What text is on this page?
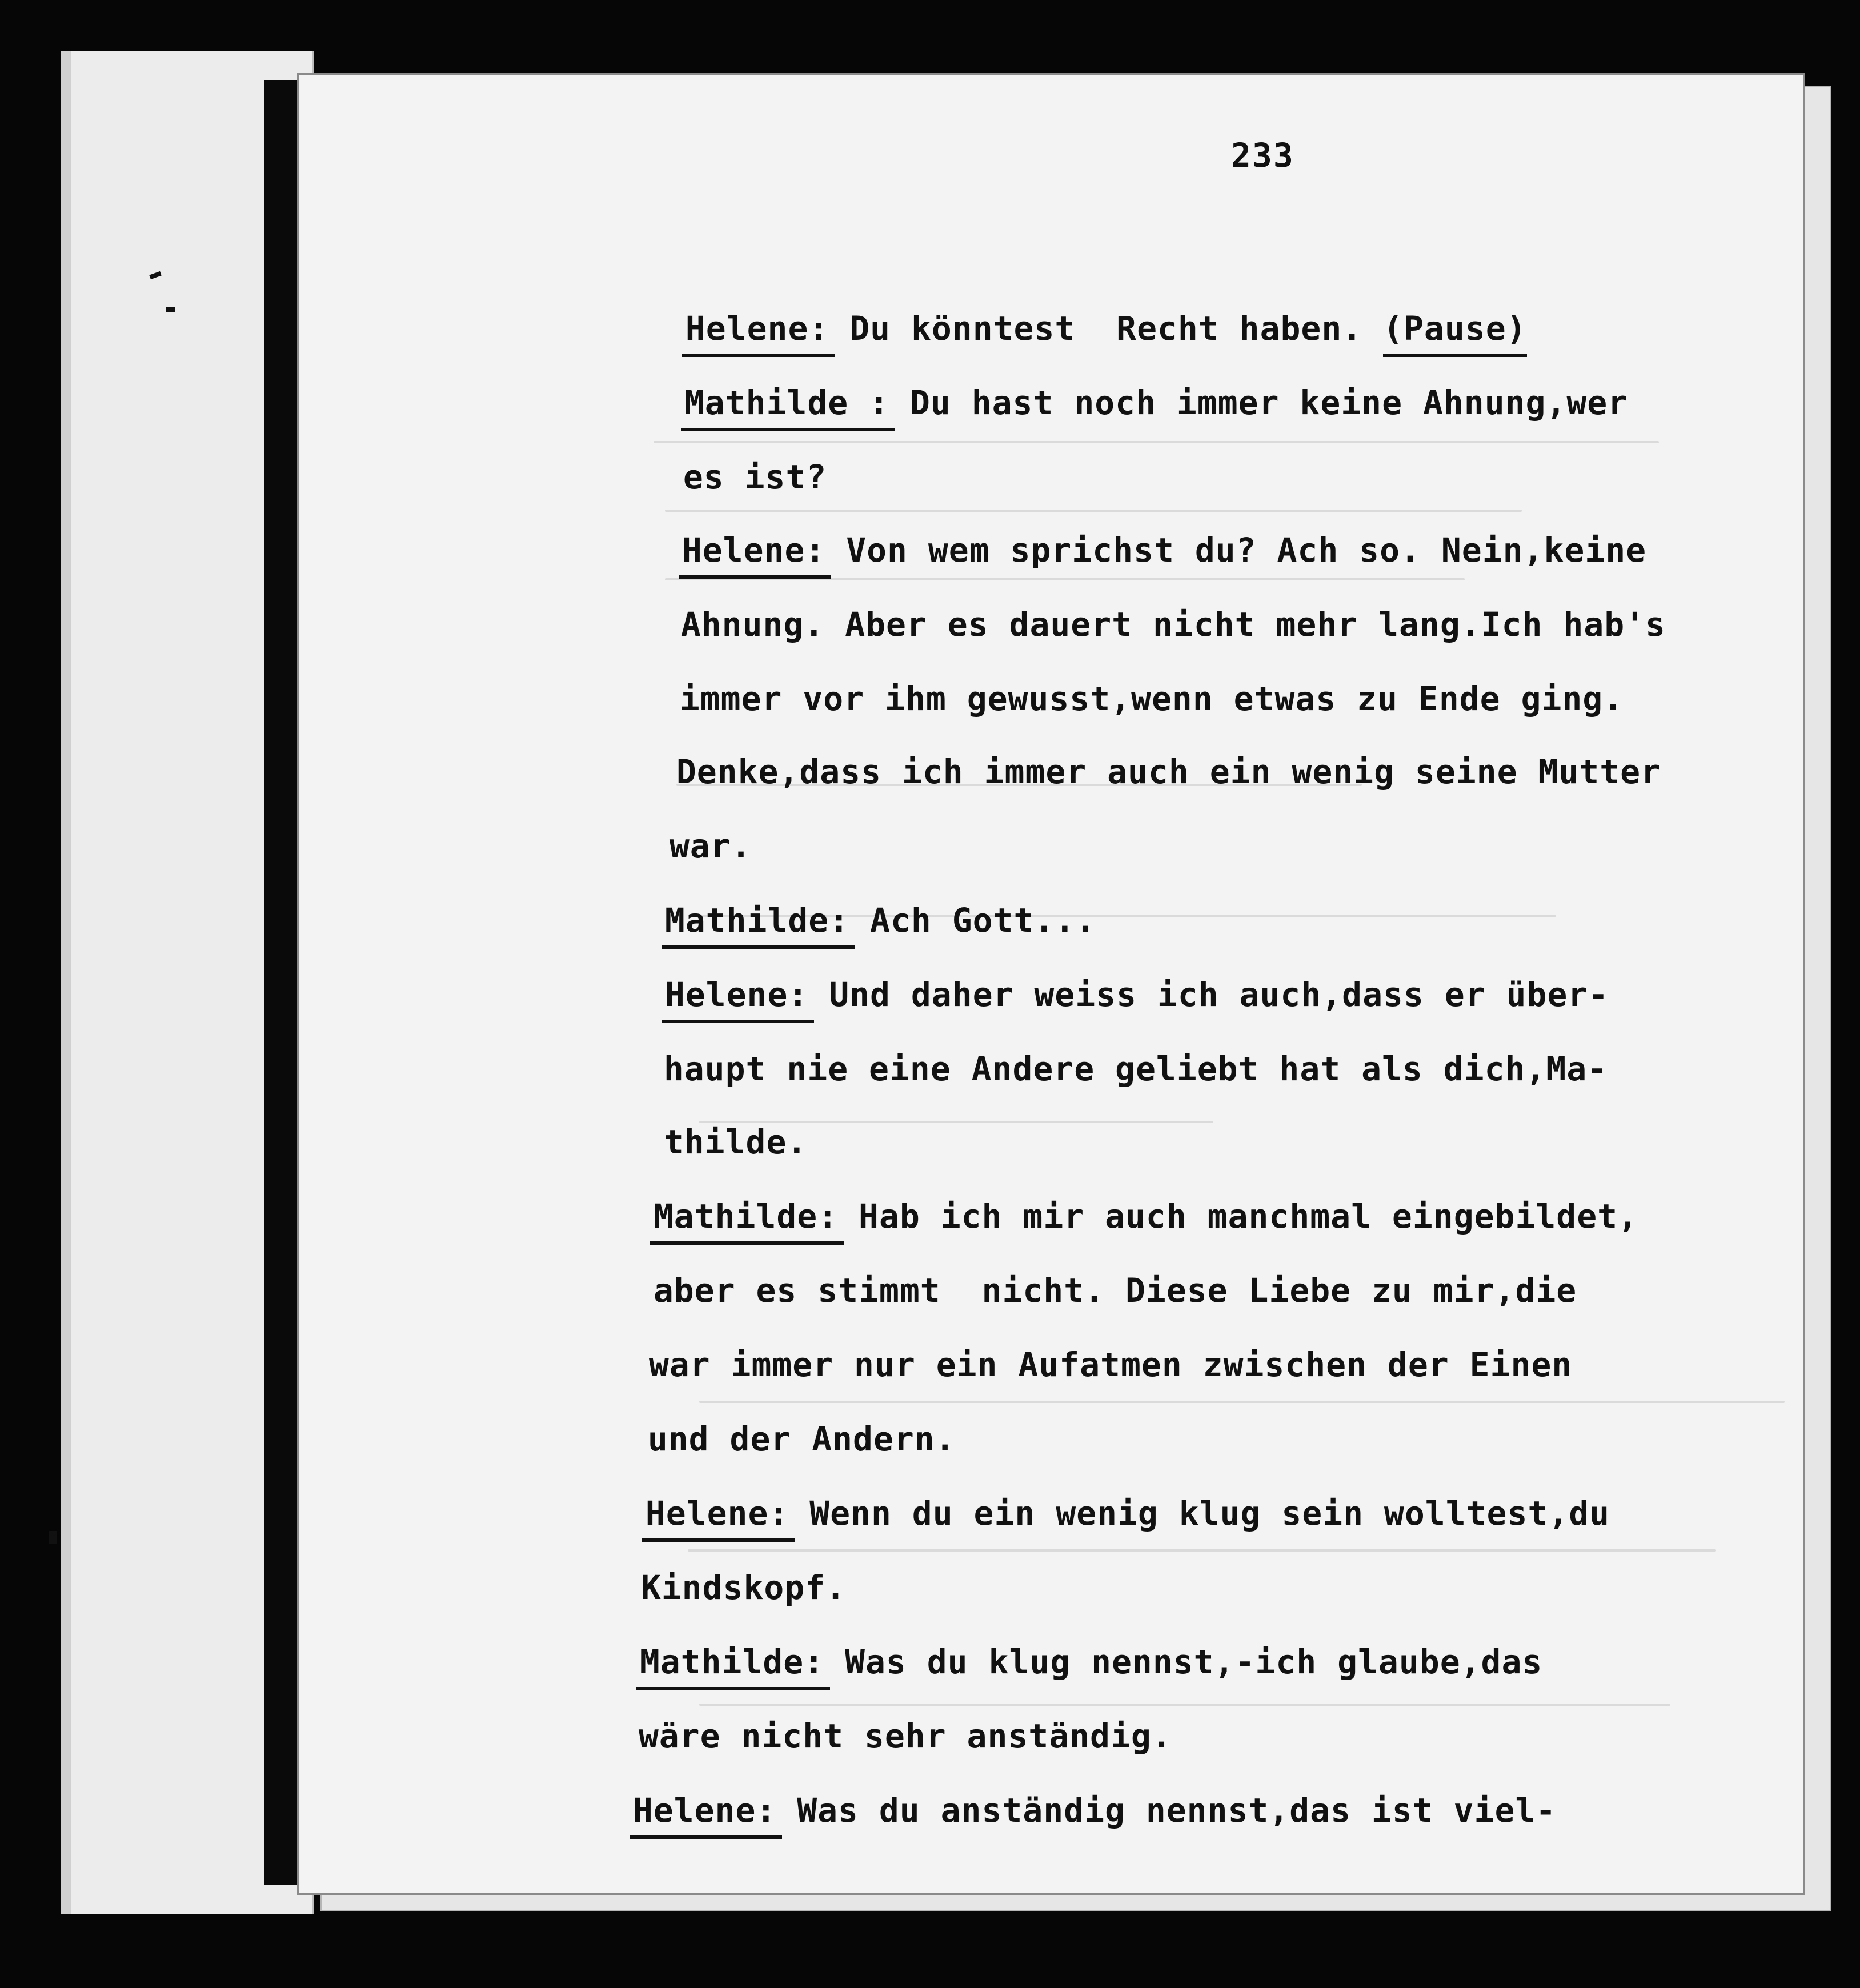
233

Helene: Du könntest  Recht haben. (Pause)

Mathilde : Du hast noch immer keine Ahnung,wer

es ist?

Helene: Von wem sprichst du? Ach so. Nein,keine

Ahnung. Aber es dauert nicht mehr lang.Ich hab's

immer vor ihm gewusst,wenn etwas zu Ende ging.

Denke,dass ich immer auch ein wenig seine Mutter

war.

Mathilde: Ach Gott...

Helene: Und daher weiss ich auch,dass er über-

haupt nie eine Andere geliebt hat als dich,Ma-

thilde.

Mathilde: Hab ich mir auch manchmal eingebildet,

aber es stimmt  nicht. Diese Liebe zu mir,die

war immer nur ein Aufatmen zwischen der Einen

und der Andern.

Helene: Wenn du ein wenig klug sein wolltest,du

Kindskopf.

Mathilde: Was du klug nennst,-ich glaube,das

wäre nicht sehr anständig.

Helene: Was du anständig nennst,das ist viel-
